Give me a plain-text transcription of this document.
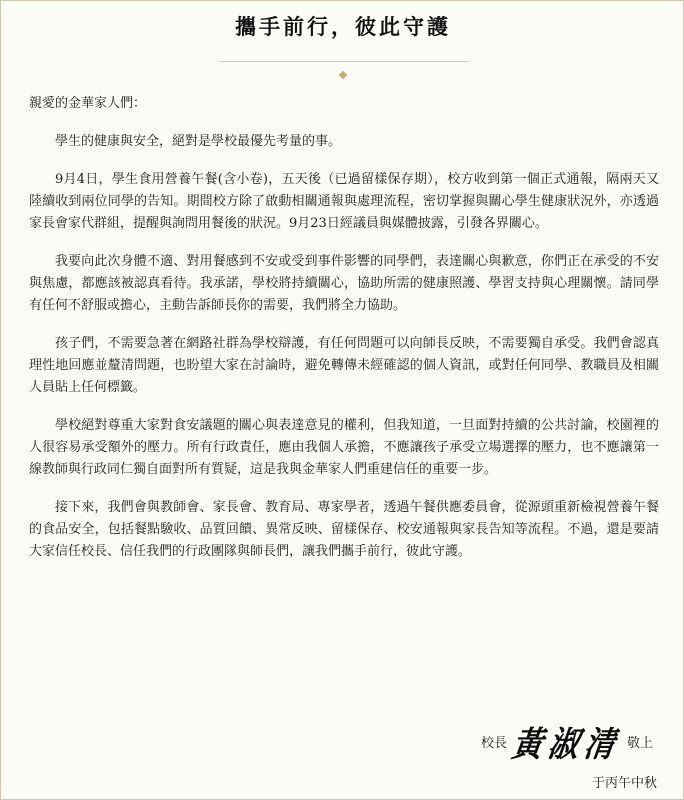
攜手前行，彼此守護

親愛的金華家人們：

學生的健康與安全，絕對是學校最優先考量的事。

9月4日，學生食用營養午餐(含小卷)，五天後（已過留樣保存期），校方收到第一個正式通報，隔兩天又陸續收到兩位同學的告知。期間校方除了啟動相關通報與處理流程，密切掌握與關心學生健康狀況外，亦透過家長會家代群組，提醒與詢問用餐後的狀況。9月23日經議員與媒體披露，引發各界關心。

我要向此次身體不適、對用餐感到不安或受到事件影響的同學們，表達關心與歉意，你們正在承受的不安與焦慮，都應該被認真看待。我承諾，學校將持續關心，協助所需的健康照護、學習支持與心理關懷。請同學有任何不舒服或擔心，主動告訴師長你的需要，我們將全力協助。

孩子們，不需要急著在網路社群為學校辯護，有任何問題可以向師長反映，不需要獨自承受。我們會認真理性地回應並釐清問題，也盼望大家在討論時，避免轉傳未經確認的個人資訊，或對任何同學、教職員及相關人員貼上任何標籤。

學校絕對尊重大家對食安議題的關心與表達意見的權利，但我知道，一旦面對持續的公共討論，校園裡的人很容易承受額外的壓力。所有行政責任，應由我個人承擔，不應讓孩子承受立場選擇的壓力，也不應讓第一線教師與行政同仁獨自面對所有質疑，這是我與金華家人們重建信任的重要一步。

接下來，我們會與教師會、家長會、教育局、專家學者，透過午餐供應委員會，從源頭重新檢視營養午餐的食品安全，包括餐點驗收、品質回饋、異常反映、留樣保存、校安通報與家長告知等流程。不過，還是要請大家信任校長、信任我們的行政團隊與師長們，讓我們攜手前行，彼此守護。

校長 黃淑清 敬上
于丙午中秋
